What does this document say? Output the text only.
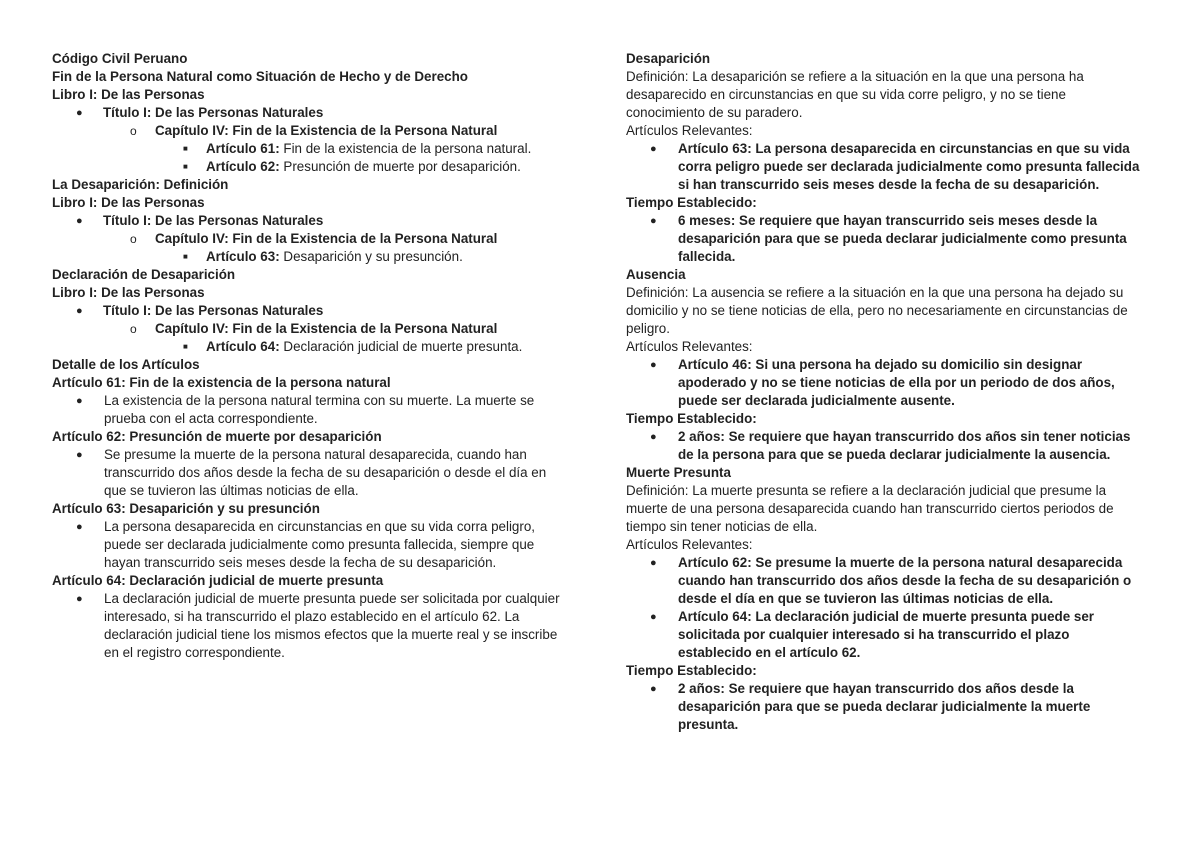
Código Civil Peruano
Fin de la Persona Natural como Situación de Hecho y de Derecho
Libro I: De las Personas
● Título I: De las Personas Naturales
o Capítulo IV: Fin de la Existencia de la Persona Natural
■ Artículo 61: Fin de la existencia de la persona natural.
■ Artículo 62: Presunción de muerte por desaparición.
La Desaparición: Definición
Libro I: De las Personas
● Título I: De las Personas Naturales
o Capítulo IV: Fin de la Existencia de la Persona Natural
■ Artículo 63: Desaparición y su presunción.
Declaración de Desaparición
Libro I: De las Personas
● Título I: De las Personas Naturales
o Capítulo IV: Fin de la Existencia de la Persona Natural
■ Artículo 64: Declaración judicial de muerte presunta.
Detalle de los Artículos
Artículo 61: Fin de la existencia de la persona natural
● La existencia de la persona natural termina con su muerte. La muerte se prueba con el acta correspondiente.
Artículo 62: Presunción de muerte por desaparición
● Se presume la muerte de la persona natural desaparecida, cuando han transcurrido dos años desde la fecha de su desaparición o desde el día en que se tuvieron las últimas noticias de ella.
Artículo 63: Desaparición y su presunción
● La persona desaparecida en circunstancias en que su vida corra peligro, puede ser declarada judicialmente como presunta fallecida, siempre que hayan transcurrido seis meses desde la fecha de su desaparición.
Artículo 64: Declaración judicial de muerte presunta
● La declaración judicial de muerte presunta puede ser solicitada por cualquier interesado, si ha transcurrido el plazo establecido en el artículo 62. La declaración judicial tiene los mismos efectos que la muerte real y se inscribe en el registro correspondiente.
Desaparición
Definición: La desaparición se refiere a la situación en la que una persona ha desaparecido en circunstancias en que su vida corre peligro, y no se tiene conocimiento de su paradero.
Artículos Relevantes:
● Artículo 63: La persona desaparecida en circunstancias en que su vida corra peligro puede ser declarada judicialmente como presunta fallecida si han transcurrido seis meses desde la fecha de su desaparición.
Tiempo Establecido:
● 6 meses: Se requiere que hayan transcurrido seis meses desde la desaparición para que se pueda declarar judicialmente como presunta fallecida.
Ausencia
Definición: La ausencia se refiere a la situación en la que una persona ha dejado su domicilio y no se tiene noticias de ella, pero no necesariamente en circunstancias de peligro.
Artículos Relevantes:
● Artículo 46: Si una persona ha dejado su domicilio sin designar apoderado y no se tiene noticias de ella por un periodo de dos años, puede ser declarada judicialmente ausente.
Tiempo Establecido:
● 2 años: Se requiere que hayan transcurrido dos años sin tener noticias de la persona para que se pueda declarar judicialmente la ausencia.
Muerte Presunta
Definición: La muerte presunta se refiere a la declaración judicial que presume la muerte de una persona desaparecida cuando han transcurrido ciertos periodos de tiempo sin tener noticias de ella.
Artículos Relevantes:
● Artículo 62: Se presume la muerte de la persona natural desaparecida cuando han transcurrido dos años desde la fecha de su desaparición o desde el día en que se tuvieron las últimas noticias de ella.
● Artículo 64: La declaración judicial de muerte presunta puede ser solicitada por cualquier interesado si ha transcurrido el plazo establecido en el artículo 62.
Tiempo Establecido:
● 2 años: Se requiere que hayan transcurrido dos años desde la desaparición para que se pueda declarar judicialmente la muerte presunta.
